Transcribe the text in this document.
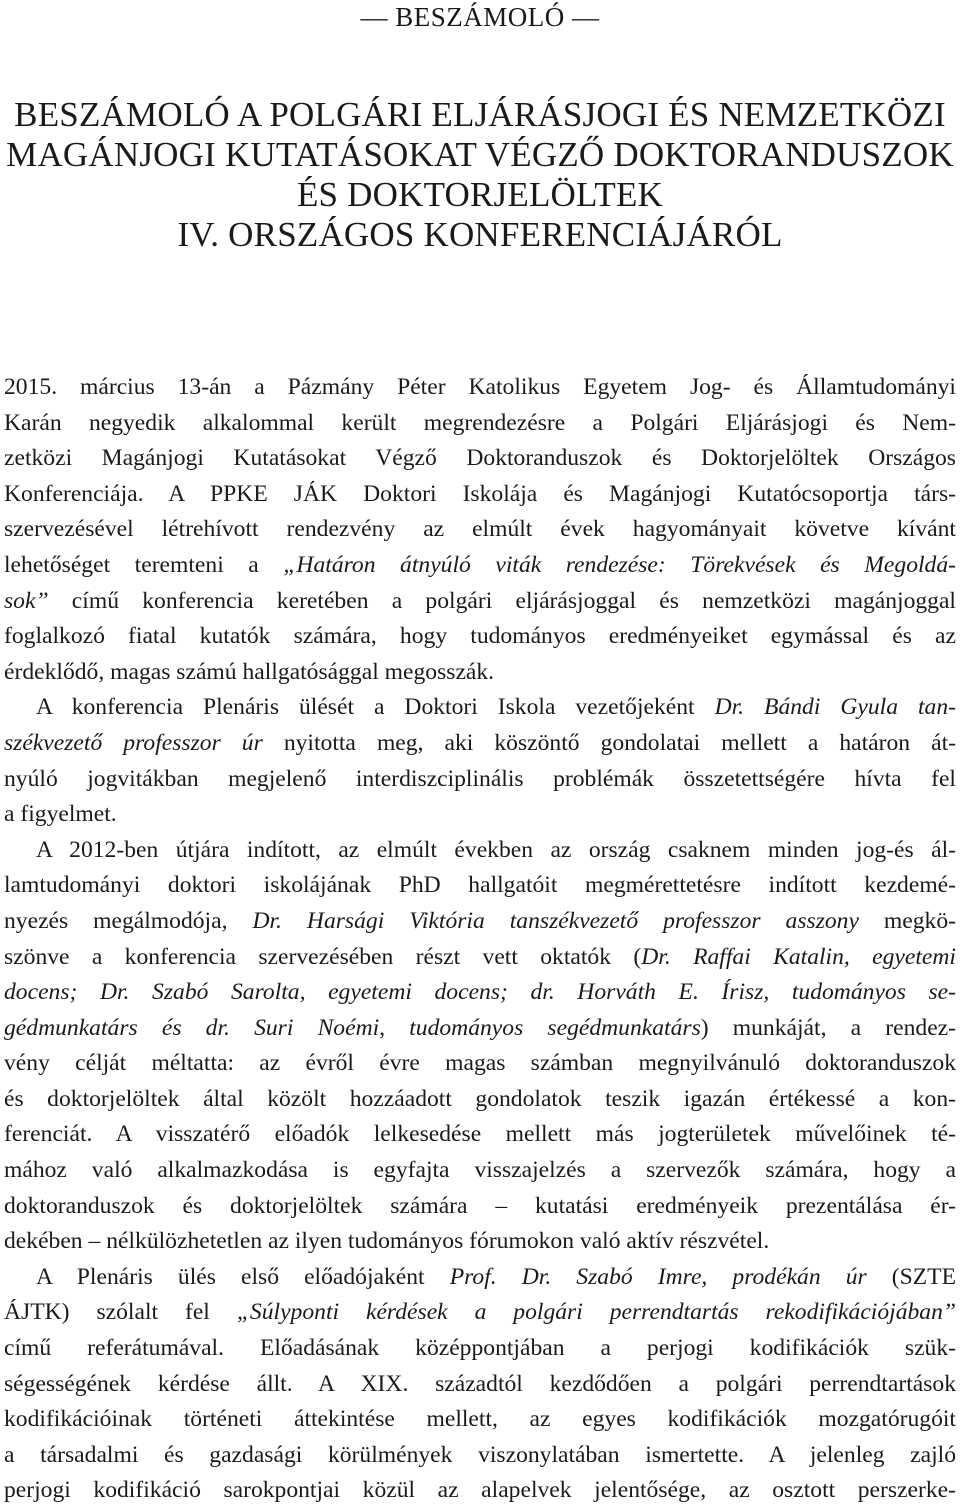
— BESZÁMOLÓ —
BESZÁMOLÓ A POLGÁRI ELJÁRÁSJOGI ÉS NEMZETKÖZI
MAGÁNJOGI KUTATÁSOKAT VÉGZŐ DOKTORANDUSZOK
ÉS DOKTORJELÖLTEK
IV. ORSZÁGOS KONFERENCIÁJÁRÓL
2015. március 13-án a Pázmány Péter Katolikus Egyetem Jog- és Államtudományi
Karán negyedik alkalommal került megrendezésre a Polgári Eljárásjogi és Nem-
zetközi Magánjogi Kutatásokat Végző Doktoranduszok és Doktorjelöltek Országos
Konferenciája. A PPKE JÁK Doktori Iskolája és Magánjogi Kutatócsoportja társ-
szervezésével létrehívott rendezvény az elmúlt évek hagyományait követve kívánt
lehetőséget teremteni a „Határon átnyúló viták rendezése: Törekvések és Megoldá-
sok” című konferencia keretében a polgári eljárásjoggal és nemzetközi magánjoggal
foglalkozó fiatal kutatók számára, hogy tudományos eredményeiket egymással és az
érdeklődő, magas számú hallgatósággal megosszák.
A konferencia Plenáris ülését a Doktori Iskola vezetőjeként Dr. Bándi Gyula tan-
székvezető professzor úr nyitotta meg, aki köszöntő gondolatai mellett a határon át-
nyúló jogvitákban megjelenő interdiszciplinális problémák összetettségére hívta fel
a figyelmet.
A 2012-ben útjára indított, az elmúlt években az ország csaknem minden jog-és ál-
lamtudományi doktori iskolájának PhD hallgatóit megmérettetésre indított kezdemé-
nyezés megálmodója, Dr. Harsági Viktória tanszékvezető professzor asszony megkö-
szönve a konferencia szervezésében részt vett oktatók (Dr. Raffai Katalin, egyetemi
docens; Dr. Szabó Sarolta, egyetemi docens; dr. Horváth E. Írisz, tudományos se-
gédmunkatárs és dr. Suri Noémi, tudományos segédmunkatárs) munkáját, a rendez-
vény célját méltatta: az évről évre magas számban megnyilvánuló doktoranduszok
és doktorjelöltek által közölt hozzáadott gondolatok teszik igazán értékessé a kon-
ferenciát. A visszatérő előadók lelkesedése mellett más jogterületek művelőinek té-
mához való alkalmazkodása is egyfajta visszajelzés a szervezők számára, hogy a
doktoranduszok és doktorjelöltek számára – kutatási eredményeik prezentálása ér-
dekében – nélkülözhetetlen az ilyen tudományos fórumokon való aktív részvétel.
A Plenáris ülés első előadójaként Prof. Dr. Szabó Imre, prodékán úr (SZTE
ÁJTK) szólalt fel „Súlyponti kérdések a polgári perrendtartás rekodifikációjában”
című referátumával. Előadásának középpontjában a perjogi kodifikációk szük-
ségességének kérdése állt. A XIX. századtól kezdődően a polgári perrendtartások
kodifikációinak történeti áttekintése mellett, az egyes kodifikációk mozgatórugóit
a társadalmi és gazdasági körülmények viszonylatában ismertette. A jelenleg zajló
perjogi kodifikáció sarokpontjai közül az alapelvek jelentősége, az osztott perszerke-
